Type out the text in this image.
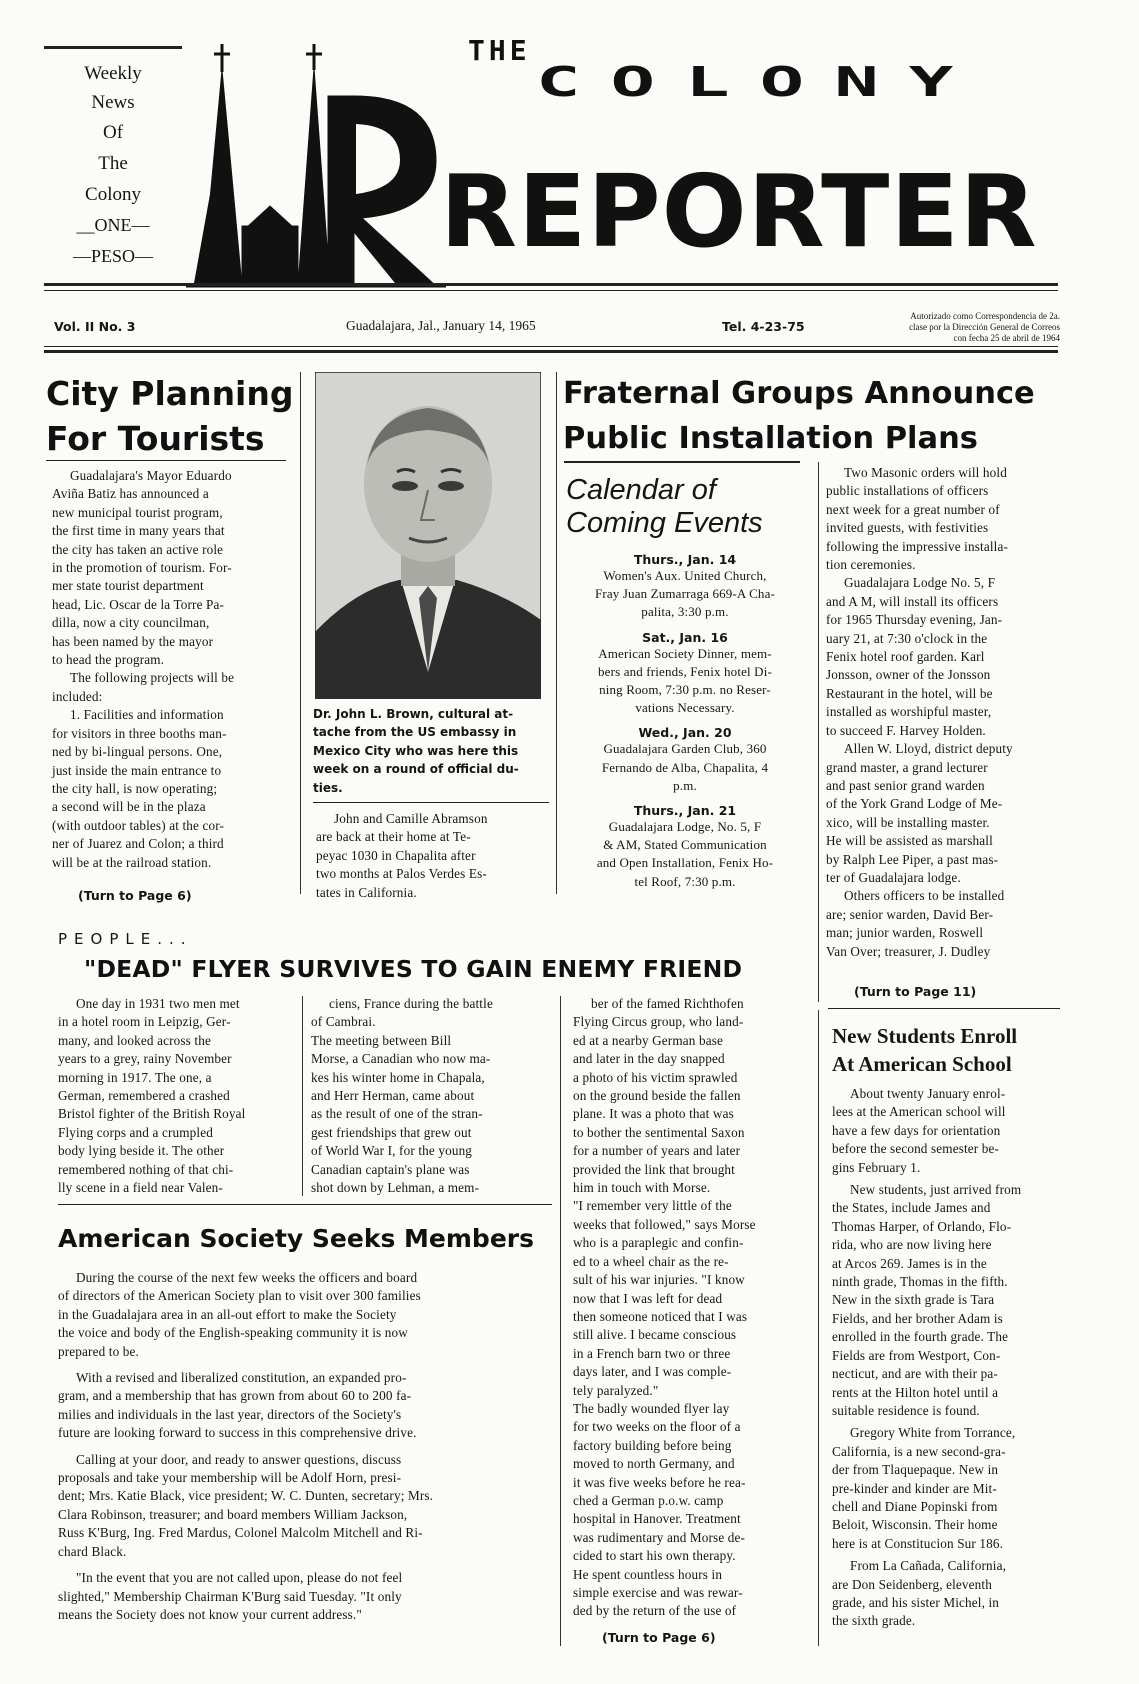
Weekly
News
Of
The
Colony
__ONE—
—PESO—
THE
COLONY
REPORTER
Vol. II No. 3	Guadalajara, Jal., January 14, 1965	Tel. 4-23-75
Autorizado como Correspondencia de 2a.
clase por la Dirección General de Correos
con fecha 25 de abril de 1964
City Planning
For Tourists
Guadalajara's Mayor Eduardo
Aviña Batiz has announced a
new municipal tourist program,
the first time in many years that
the city has taken an active role
in the promotion of tourism. For-
mer state tourist department
head, Lic. Oscar de la Torre Pa-
dilla, now a city councilman,
has been named by the mayor
to head the program.
The following projects will be
included:
1. Facilities and information
for visitors in three booths man-
ned by bi-lingual persons. One,
just inside the main entrance to
the city hall, is now operating;
a second will be in the plaza
(with outdoor tables) at the cor-
ner of Juarez and Colon; a third
will be at the railroad station.
(Turn to Page 6)
Dr. John L. Brown, cultural at-
tache from the US embassy in
Mexico City who was here this
week on a round of official du-
ties.
John and Camille Abramson
are back at their home at Te-
peyac 1030 in Chapalita after
two months at Palos Verdes Es-
tates in California.
Fraternal Groups Announce
Public Installation Plans
Calendar of
Coming Events
Thurs., Jan. 14
Women's Aux. United Church,
Fray Juan Zumarraga 669-A Cha-
palita, 3:30 p.m.
Sat., Jan. 16
American Society Dinner, mem-
bers and friends, Fenix hotel Di-
ning Room, 7:30 p.m. no Reser-
vations Necessary.
Wed., Jan. 20
Guadalajara Garden Club, 360
Fernando de Alba, Chapalita, 4
p.m.
Thurs., Jan. 21
Guadalajara Lodge, No. 5, F
& AM, Stated Communication
and Open Installation, Fenix Ho-
tel Roof, 7:30 p.m.
Two Masonic orders will hold
public installations of officers
next week for a great number of
invited guests, with festivities
following the impressive installa-
tion ceremonies.
Guadalajara Lodge No. 5, F
and A M, will install its officers
for 1965 Thursday evening, Jan-
uary 21, at 7:30 o'clock in the
Fenix hotel roof garden. Karl
Jonsson, owner of the Jonsson
Restaurant in the hotel, will be
installed as worshipful master,
to succeed F. Harvey Holden.
Allen W. Lloyd, district deputy
grand master, a grand lecturer
and past senior grand warden
of the York Grand Lodge of Me-
xico, will be installing master.
He will be assisted as marshall
by Ralph Lee Piper, a past mas-
ter of Guadalajara lodge.
Others officers to be installed
are; senior warden, David Ber-
man; junior warden, Roswell
Van Over; treasurer, J. Dudley
(Turn to Page 11)
PEOPLE...
"DEAD" FLYER SURVIVES TO GAIN ENEMY FRIEND
One day in 1931 two men met
in a hotel room in Leipzig, Ger-
many, and looked across the
years to a grey, rainy November
morning in 1917. The one, a
German, remembered a crashed
Bristol fighter of the British Royal
Flying corps and a crumpled
body lying beside it. The other
remembered nothing of that chi-
lly scene in a field near Valen-
ciens, France during the battle
of Cambrai.
The meeting between Bill
Morse, a Canadian who now ma-
kes his winter home in Chapala,
and Herr Herman, came about
as the result of one of the stran-
gest friendships that grew out
of World War I, for the young
Canadian captain's plane was
shot down by Lehman, a mem-
ber of the famed Richthofen
Flying Circus group, who land-
ed at a nearby German base
and later in the day snapped
a photo of his victim sprawled
on the ground beside the fallen
plane. It was a photo that was
to bother the sentimental Saxon
for a number of years and later
provided the link that brought
him in touch with Morse.
"I remember very little of the
weeks that followed," says Morse
who is a paraplegic and confin-
ed to a wheel chair as the re-
sult of his war injuries. "I know
now that I was left for dead
then someone noticed that I was
still alive. I became conscious
in a French barn two or three
days later, and I was comple-
tely paralyzed."
The badly wounded flyer lay
for two weeks on the floor of a
factory building before being
moved to north Germany, and
it was five weeks before he rea-
ched a German p.o.w. camp
hospital in Hanover. Treatment
was rudimentary and Morse de-
cided to start his own therapy.
He spent countless hours in
simple exercise and was rewar-
ded by the return of the use of
(Turn to Page 6)
American Society Seeks Members
During the course of the next few weeks the officers and board
of directors of the American Society plan to visit over 300 families
in the Guadalajara area in an all-out effort to make the Society
the voice and body of the English-speaking community it is now
prepared to be.
With a revised and liberalized constitution, an expanded pro-
gram, and a membership that has grown from about 60 to 200 fa-
milies and individuals in the last year, directors of the Society's
future are looking forward to success in this comprehensive drive.
Calling at your door, and ready to answer questions, discuss
proposals and take your membership will be Adolf Horn, presi-
dent; Mrs. Katie Black, vice president; W. C. Dunten, secretary; Mrs.
Clara Robinson, treasurer; and board members William Jackson,
Russ K'Burg, Ing. Fred Mardus, Colonel Malcolm Mitchell and Ri-
chard Black.
"In the event that you are not called upon, please do not feel
slighted," Membership Chairman K'Burg said Tuesday. "It only
means the Society does not know your current address."
New Students Enroll
At American School
About twenty January enrol-
lees at the American school will
have a few days for orientation
before the second semester be-
gins February 1.
New students, just arrived from
the States, include James and
Thomas Harper, of Orlando, Flo-
rida, who are now living here
at Arcos 269. James is in the
ninth grade, Thomas in the fifth.
New in the sixth grade is Tara
Fields, and her brother Adam is
enrolled in the fourth grade. The
Fields are from Westport, Con-
necticut, and are with their pa-
rents at the Hilton hotel until a
suitable residence is found.
Gregory White from Torrance,
California, is a new second-gra-
der from Tlaquepaque. New in
pre-kinder and kinder are Mit-
chell and Diane Popinski from
Beloit, Wisconsin. Their home
here is at Constitucion Sur 186.
From La Cañada, California,
are Don Seidenberg, eleventh
grade, and his sister Michel, in
the sixth grade.
